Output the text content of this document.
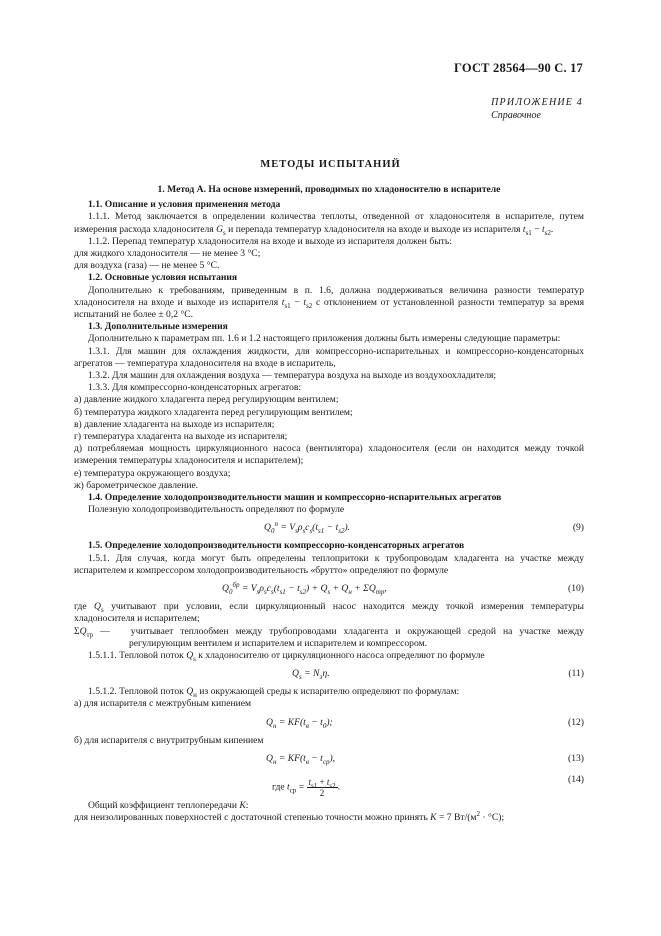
ГОСТ 28564—90 С. 17
ПРИЛОЖЕНИЕ 4
Справочное
МЕТОДЫ ИСПЫТАНИЙ

1. Метод А. На основе измерений, проводимых по хладоносителю в испарителе

1.1. Описание и условия применения метода

1.1.1. Метод заключается в определении количества теплоты, отведенной от хладоносителя в испарителе, путем измерения расхода хладоносителя $G_s$ и перепада температур хладоносителя на входе и выходе из испарителя $t_{s1} - t_{s2}$.

1.1.2. Перепад температур хладоносителя на входе и выходе из испарителя должен быть:

для жидкого хладоносителя — не менее 3 °С;

для воздуха (газа) — не менее 5 °С.

1.2. Основные условия испытания

Дополнительно к требованиям, приведенным в п. 1.6, должна поддерживаться величина разности температур хладоносителя на входе и выходе из испарителя $t_{s1} - t_{s2}$ с отклонением от установленной разности температур за время испытаний не более ± 0,2 °С.

1.3. Дополнительные измерения

Дополнительно к параметрам пп. 1.6 и 1.2 настоящего приложения должны быть измерены следующие параметры:

1.3.1. Для машин для охлаждения жидкости, для компрессорно-испарительных и компрессорно-конденсаторных агрегатов — температура хладоносителя на входе в испаритель,

1.3.2. Для машин для охлаждения воздуха — температура воздуха на выходе из воздухоохладителя;

1.3.3. Для компрессорно-конденсаторных агрегатов:

а) давление жидкого хладагента перед регулирующим вентилем;

б) температура жидкого хладагента перед регулирующим вентилем;

в) давление хладагента на выходе из испарителя;

г) температура хладагента на выходе из испарителя;

д) потребляемая мощность циркуляционного насоса (вентилятора) хладоносителя (если он находится между точкой измерения температуры хладоносителя и испарителем);

е) температура окружающего воздуха;

ж) барометрическое давление.

1.4. Определение холодопроизводительности машин и компрессорно-испарительных агрегатов

Полезную холодопроизводительность определяют по формуле

$Q_0^п = V_s\rho_sc_s(t_{s1} - t_{s2})$.	(9)

1.5. Определение холодопроизводительности компрессорно-конденсаторных агрегатов

1.5.1. Для случая, когда могут быть определены теплопритоки к трубопроводам хладагента на участке между испарителем и компрессором холодопроизводительность «брутто» определяют по формуле

$Q_0^{бр} = V_s\rho_sc_s(t_{s1} - t_{s2}) + Q_s + Q_н + \Sigma Q_{тр}$,	(10)

где $Q_s$ учитывают при условии, если циркуляционный насос находится между точкой измерения температуры хладоносителя и испарителем;

$\Sigma Q_{тр}$ —   учитывает теплообмен между трубопроводами хладагента и окружающей средой на участке между регулирующим вентилем и испарителем и испарителем и компрессором.

1.5.1.1. Тепловой поток $Q_s$ к хладоносителю от циркуляционного насоса определяют по формуле

$Q_s = N_э\eta$.	(11)

1.5.1.2. Тепловой поток $Q_н$ из окружающей среды к испарителю определяют по формулам:

а) для испарителя с межтрубным кипением

$Q_н = KF(t_в - t_0)$;	(12)

б) для испарителя с внутритрубным кипением

$Q_н = KF(t_в - t_{ср})$,	(13)
где $t_{ср} = \frac{t_{s1} + t_{s2}}{2}$ .
(14)

Общий коэффициент теплопередачи K:

для неизолированных поверхностей с достаточной степенью точности можно принять K = 7 $Вт/(м^2 \cdot ^\circ С)$;
